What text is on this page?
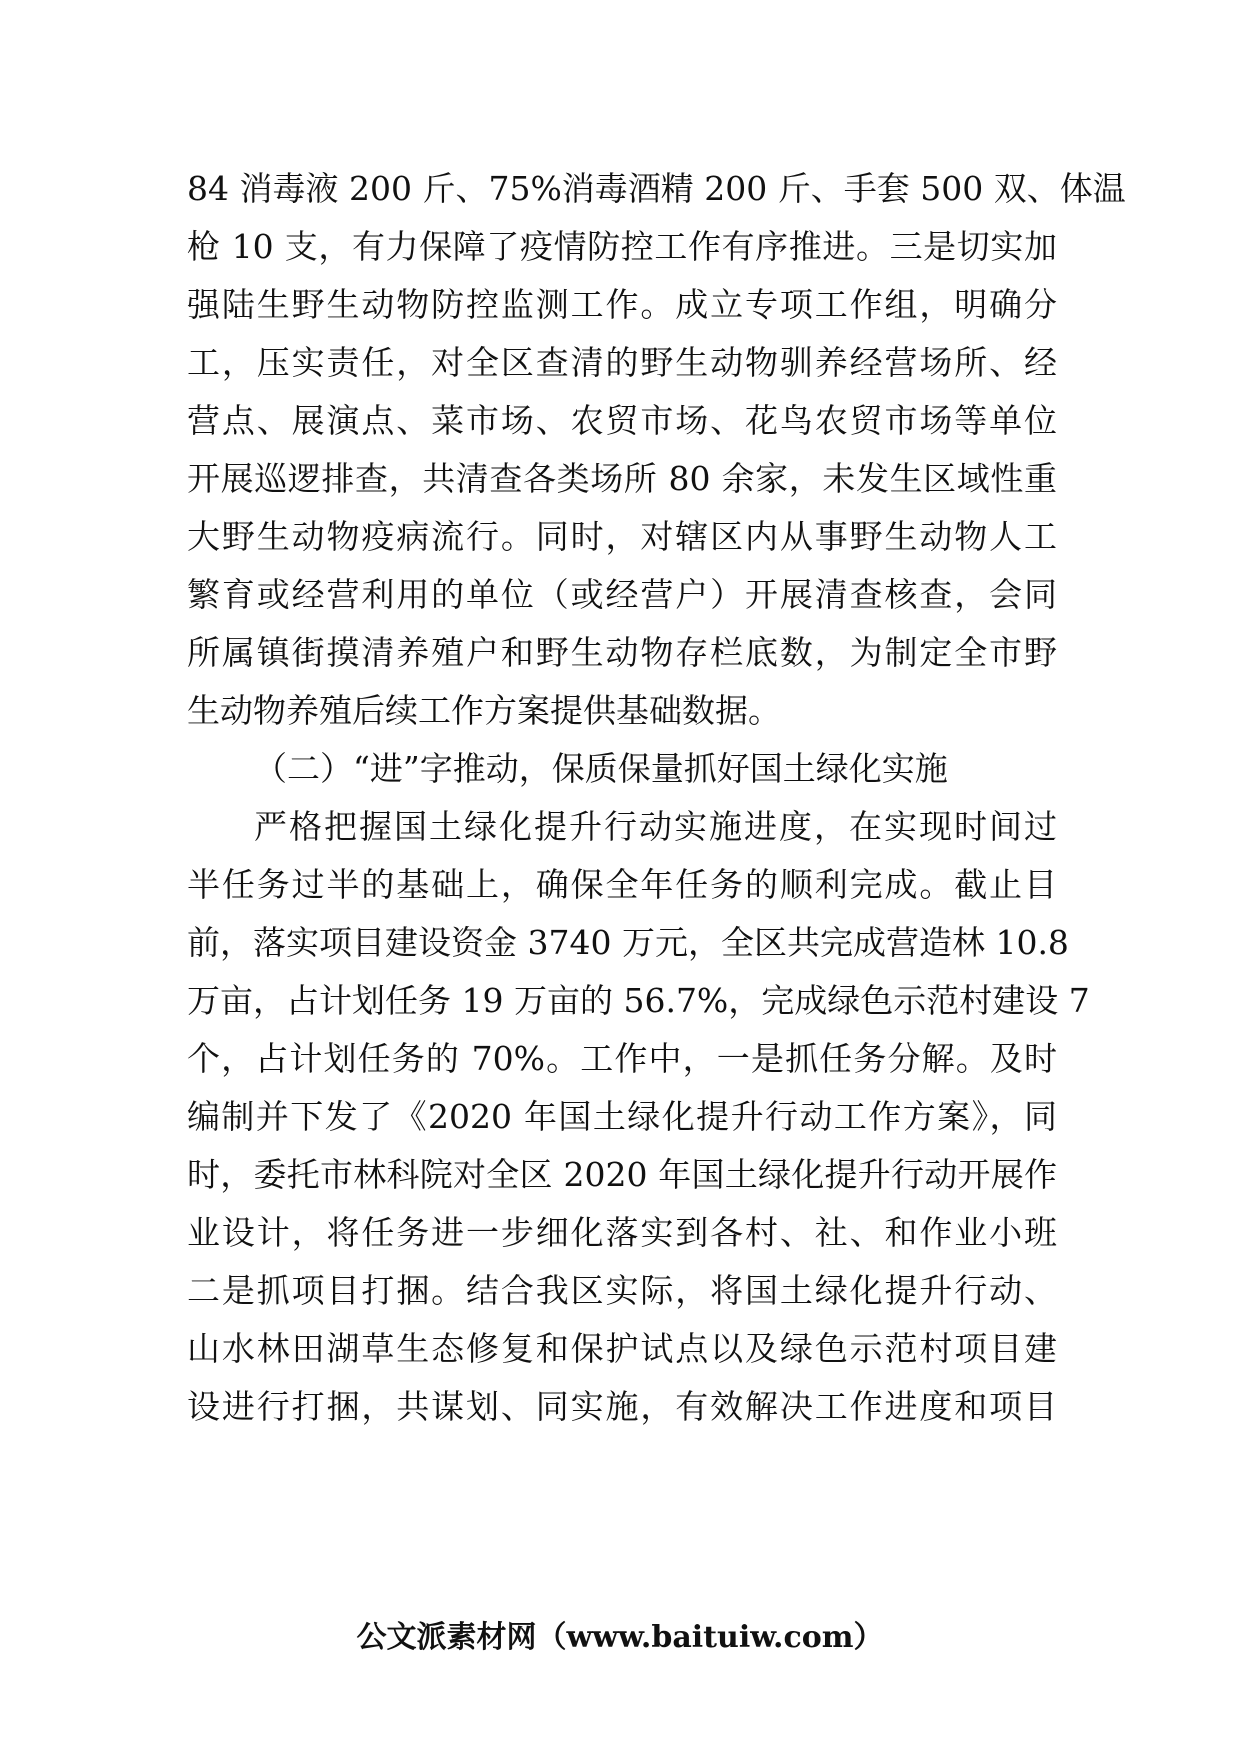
84 消毒液 200 斤、75%消毒酒精 200 斤、手套 500 双、体温
枪 10 支，有力保障了疫情防控工作有序推进。三是切实加
强陆生野生动物防控监测工作。成立专项工作组，明确分
工，压实责任，对全区查清的野生动物驯养经营场所、经
营点、展演点、菜市场、农贸市场、花鸟农贸市场等单位
开展巡逻排查，共清查各类场所 80 余家，未发生区域性重
大野生动物疫病流行。同时，对辖区内从事野生动物人工
繁育或经营利用的单位（或经营户）开展清查核查，会同
所属镇街摸清养殖户和野生动物存栏底数，为制定全市野
生动物养殖后续工作方案提供基础数据。
（二）“进”字推动，保质保量抓好国土绿化实施
严格把握国土绿化提升行动实施进度，在实现时间过
半任务过半的基础上，确保全年任务的顺利完成。截止目
前，落实项目建设资金 3740 万元，全区共完成营造林 10.8
万亩，占计划任务 19 万亩的 56.7%，完成绿色示范村建设 7
个，占计划任务的 70%。工作中，一是抓任务分解。及时
编制并下发了《2020 年国土绿化提升行动工作方案》，同
时，委托市林科院对全区 2020 年国土绿化提升行动开展作
业设计，将任务进一步细化落实到各村、社、和作业小班
二是抓项目打捆。结合我区实际，将国土绿化提升行动、
山水林田湖草生态修复和保护试点以及绿色示范村项目建
设进行打捆，共谋划、同实施，有效解决工作进度和项目
公文派素材网（www.baituiw.com）
